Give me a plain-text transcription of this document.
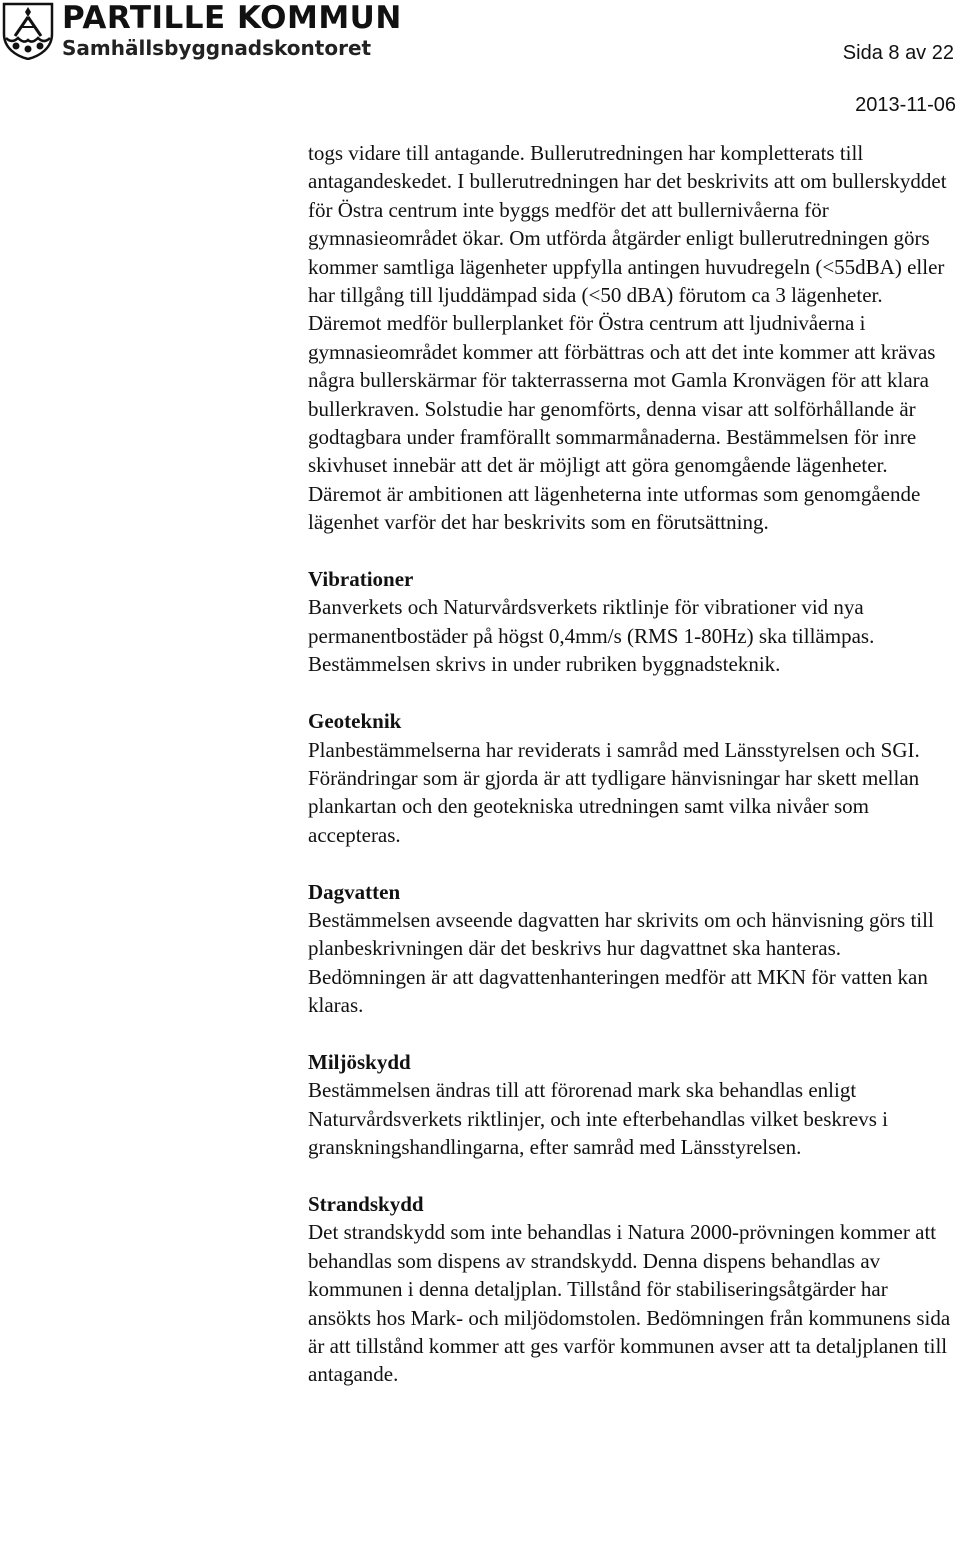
PARTILLE KOMMUN
Samhällsbyggnadskontoret	Sida 8 av 22
2013-11-06

togs vidare till antagande. Bullerutredningen har kompletterats till antagandeskedet. I bullerutredningen har det beskrivits att om bullerskyddet för Östra centrum inte byggs medför det att bullernivåerna för gymnasieområdet ökar. Om utförda åtgärder enligt bullerutredningen görs kommer samtliga lägenheter uppfylla antingen huvudregeln (<55dBA) eller har tillgång till ljuddämpad sida (<50 dBA) förutom ca 3 lägenheter. Däremot medför bullerplanket för Östra centrum att ljudnivåerna i gymnasieområdet kommer att förbättras och att det inte kommer att krävas några bullerskärmar för takterrasserna mot Gamla Kronvägen för att klara bullerkraven. Solstudie har genomförts, denna visar att solförhållande är godtagbara under framförallt sommarmånaderna. Bestämmelsen för inre skivhuset innebär att det är möjligt att göra genomgående lägenheter. Däremot är ambitionen att lägenheterna inte utformas som genomgående lägenhet varför det har beskrivits som en förutsättning.

Vibrationer

Banverkets och Naturvårdsverkets riktlinje för vibrationer vid nya permanentbostäder på högst 0,4mm/s (RMS 1-80Hz) ska tillämpas. Bestämmelsen skrivs in under rubriken byggnadsteknik.

Geoteknik

Planbestämmelserna har reviderats i samråd med Länsstyrelsen och SGI. Förändringar som är gjorda är att tydligare hänvisningar har skett mellan plankartan och den geotekniska utredningen samt vilka nivåer som accepteras.

Dagvatten

Bestämmelsen avseende dagvatten har skrivits om och hänvisning görs till planbeskrivningen där det beskrivs hur dagvattnet ska hanteras. Bedömningen är att dagvattenhanteringen medför att MKN för vatten kan klaras.

Miljöskydd

Bestämmelsen ändras till att förorenad mark ska behandlas enligt Naturvårdsverkets riktlinjer, och inte efterbehandlas vilket beskrevs i granskningshandlingarna, efter samråd med Länsstyrelsen.

Strandskydd

Det strandskydd som inte behandlas i Natura 2000-prövningen kommer att behandlas som dispens av strandskydd. Denna dispens behandlas av kommunen i denna detaljplan. Tillstånd för stabiliseringsåtgärder har ansökts hos Mark- och miljödomstolen. Bedömningen från kommunens sida är att tillstånd kommer att ges varför kommunen avser att ta detaljplanen till antagande.
